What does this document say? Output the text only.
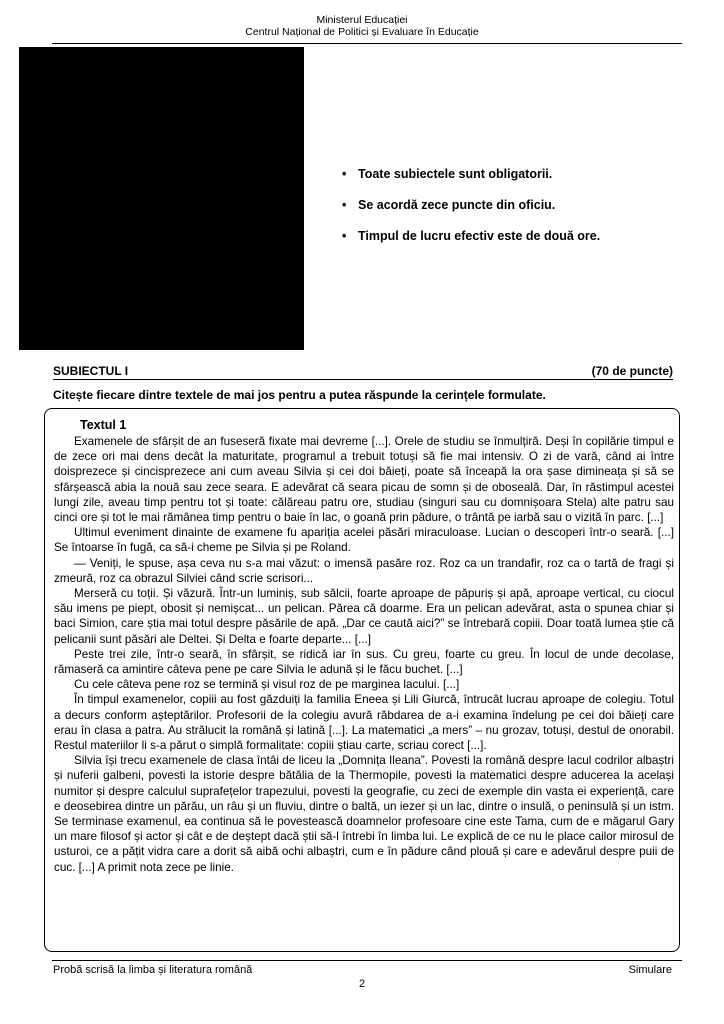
Ministerul Educației
Centrul Național de Politici și Evaluare în Educație
• Toate subiectele sunt obligatorii.
• Se acordă zece puncte din oficiu.
• Timpul de lucru efectiv este de două ore.
SUBIECTUL I	(70 de puncte)
Citește fiecare dintre textele de mai jos pentru a putea răspunde la cerințele formulate.
Textul 1

Examenele de sfârșit de an fuseseră fixate mai devreme [...]. Orele de studiu se înmulțiră. Deși în copilărie timpul e de zece ori mai dens decât la maturitate, programul a trebuit totuși să fie mai intensiv. O zi de vară, când ai între doisprezece și cincisprezece ani cum aveau Silvia și cei doi băieți, poate să înceapă la ora șase dimineața și să se sfârșească abia la nouă sau zece seara. E adevărat că seara picau de somn și de oboseală. Dar, în răstimpul acestei lungi zile, aveau timp pentru tot și toate: călăreau patru ore, studiau (singuri sau cu domnișoara Stela) alte patru sau cinci ore și tot le mai rămânea timp pentru o baie în lac, o goană prin pădure, o trântă pe iarbă sau o vizită în parc. [...]

Ultimul eveniment dinainte de examene fu apariția acelei păsări miraculoase. Lucian o descoperi într-o seară. [...] Se întoarse în fugă, ca să-i cheme pe Silvia și pe Roland.

— Veniți, le spuse, așa ceva nu s-a mai văzut: o imensă pasăre roz. Roz ca un trandafir, roz ca o tartă de fragi și zmeură, roz ca obrazul Silviei când scrie scrisori...

Merseră cu toții. Și văzură. Într-un luminiș, sub sălcii, foarte aproape de păpuriș și apă, aproape vertical, cu ciocul său imens pe piept, obosit și nemișcat... un pelican. Părea că doarme. Era un pelican adevărat, asta o spunea chiar și baci Simion, care știa mai totul despre păsările de apă. „Dar ce caută aici?” se întrebară copiii. Doar toată lumea știe că pelicanii sunt păsări ale Deltei. Și Delta e foarte departe... [...]

Peste trei zile, într-o seară, în sfârșit, se ridică iar în sus. Cu greu, foarte cu greu. În locul de unde decolase, rămaseră ca amintire câteva pene pe care Silvia le adună și le făcu buchet. [...]

Cu cele câteva pene roz se termină și visul roz de pe marginea lacului. [...]

În timpul examenelor, copiii au fost găzduiți la familia Eneea și Lili Giurcă, întrucât lucrau aproape de colegiu. Totul a decurs conform așteptărilor. Profesorii de la colegiu avură răbdarea de a-i examina îndelung pe cei doi băieți care erau în clasa a patra. Au strălucit la română și latină [...]. La matematici „a mers” – nu grozav, totuși, destul de onorabil. Restul materiilor li s-a părut o simplă formalitate: copiii știau carte, scriau corect [...].

Silvia își trecu examenele de clasa întâi de liceu la „Domnița Ileana”. Povesti la română despre lacul codrilor albaștri și nuferii galbeni, povesti la istorie despre bătălia de la Thermopile, povesti la matematici despre aducerea la același numitor și despre calculul suprafețelor trapezului, povesti la geografie, cu zeci de exemple din vasta ei experiență, care e deosebirea dintre un părău, un râu și un fluviu, dintre o baltă, un iezer și un lac, dintre o insulă, o peninsulă și un istm. Se terminase examenul, ea continua să le povestească doamnelor profesoare cine este Tama, cum de e măgarul Gary un mare filosof și actor și cât e de deștept dacă știi să-l întrebi în limba lui. Le explică de ce nu le place cailor mirosul de usturoi, ce a pățit vidra care a dorit să aibă ochi albaștri, cum e în pădure când plouă și care e adevărul despre puii de cuc. [...] A primit nota zece pe linie.

Probă scrisă la limba și literatura română	Simulare
2
